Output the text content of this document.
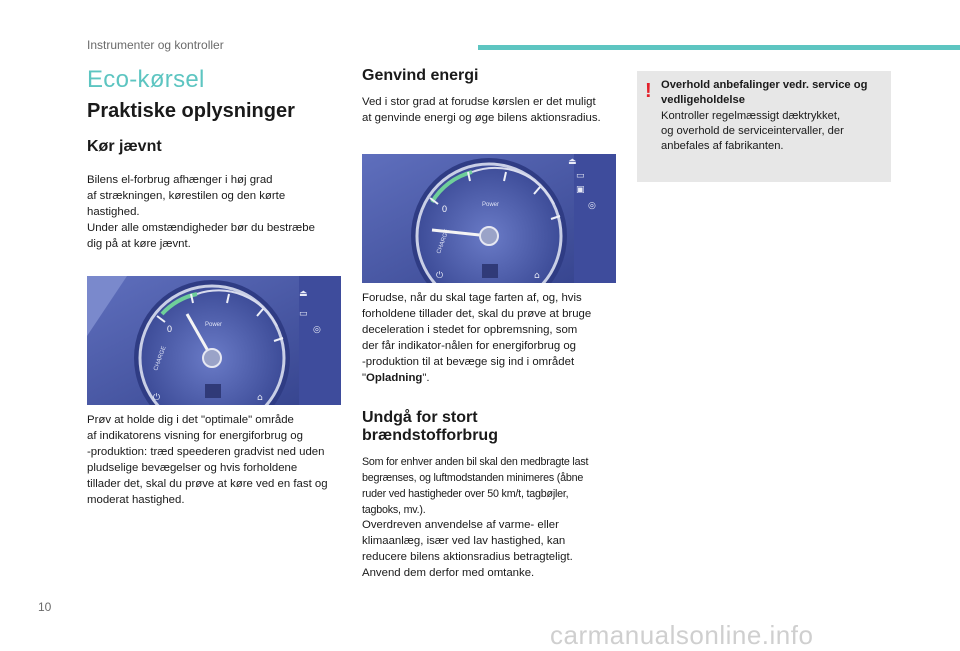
Instrumenter og kontroller
Eco-kørsel
Praktiske oplysninger
Kør jævnt
Bilens el-forbrug afhænger i høj grad
af strækningen, kørestilen og den kørte
hastighed.
Under alle omstændigheder bør du bestræbe
dig på at køre jævnt.
0	Power
CHARGE
⏏
▭
◎
⏻	⌂
Prøv at holde dig i det "optimale" område
af indikatorens visning for energiforbrug og
-produktion: træd speederen gradvist ned uden
pludselige bevægelser og hvis forholdene
tillader det, skal du prøve at køre ved en fast og
moderat hastighed.
Genvind energi
Ved i stor grad at forudse kørslen er det muligt
at genvinde energi og øge bilens aktionsradius.
0	Power
CHARGE
⏏
▭
▣
◎
⏻	⌂
Forudse, når du skal tage farten af, og, hvis
forholdene tillader det, skal du prøve at bruge
deceleration i stedet for opbremsning, som
der får indikator-nålen for energiforbrug og
-produktion til at bevæge sig ind i området
"Opladning".
Undgå for stort
brændstofforbrug
Som for enhver anden bil skal den medbragte last
begrænses, og luftmodstanden minimeres (åbne
ruder ved hastigheder over 50 km/t, tagbøjler,
tagboks, mv.).
Overdreven anvendelse af varme- eller
klimaanlæg, især ved lav hastighed, kan
reducere bilens aktionsradius betragteligt.
Anvend dem derfor med omtanke.
! Overhold anbefalinger vedr. service og
vedligeholdelse
Kontroller regelmæssigt dæktrykket,
og overhold de serviceintervaller, der
anbefales af fabrikanten.
10
carmanualsonline.info
